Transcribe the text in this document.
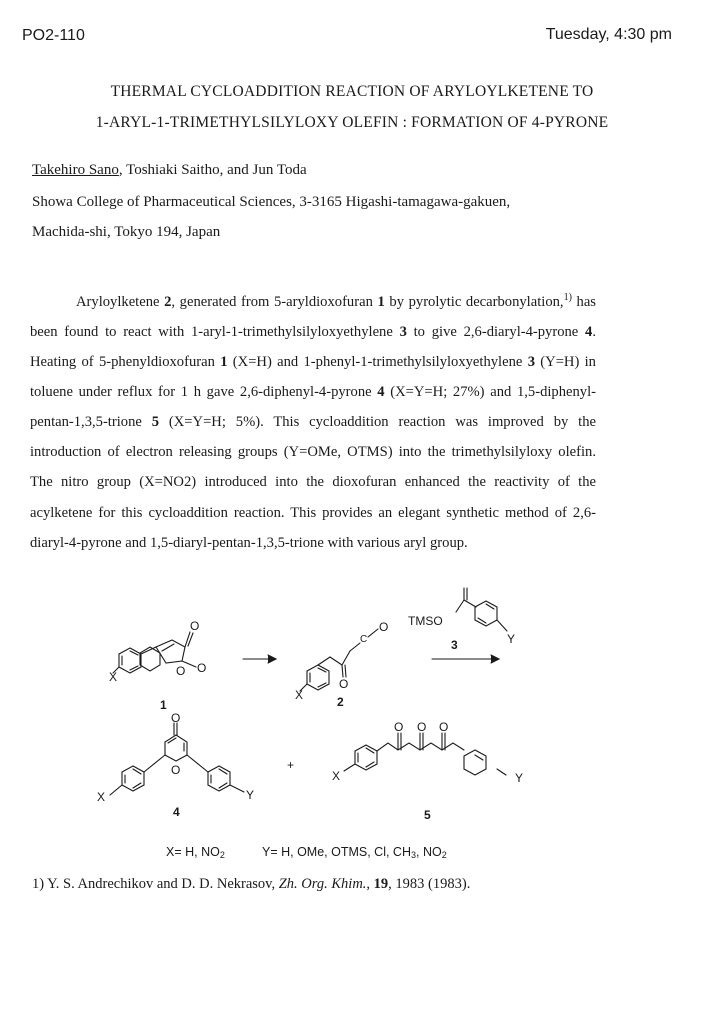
PO2-110	Tuesday, 4:30 pm
THERMAL CYCLOADDITION REACTION OF ARYLOYLKETENE TO
1-ARYL-1-TRIMETHYLSILYLOXY OLEFIN : FORMATION OF 4-PYRONE
Takehiro Sano, Toshiaki Saitho, and Jun Toda
Showa College of Pharmaceutical Sciences, 3-3165 Higashi-tamagawa-gakuen,
Machida-shi, Tokyo 194, Japan

Aryloylketene 2, generated from 5-aryldioxofuran 1 by pyrolytic decarbonylation,$^{1)}$ has been found to react with 1-aryl-1-trimethylsilyloxyethylene 3 to give 2,6-diaryl-4-pyrone 4. Heating of 5-phenyldioxofuran 1 (X=H) and 1-phenyl-1-trimethylsilyloxyethylene 3 (Y=H) in toluene under reflux for 1 h gave 2,6-diphenyl-4-pyrone 4 (X=Y=H; 27%) and 1,5-diphenyl-pentan-1,3,5-trione 5 (X=Y=H; 5%). This cycloaddition reaction was improved by the introduction of electron releasing groups (Y=OMe, OTMS) into the trimethylsilyloxy olefin. The nitro group (X=NO2) introduced into the dioxofuran enhanced the reactivity of the acylketene for this cycloaddition reaction. This provides an elegant synthetic method of 2,6-diaryl-4-pyrone and 1,5-diaryl-pentan-1,3,5-trione with various aryl group.

O
O
O
X
1
O
C
O
X	2
TMSO
Y
3
O
O
X	Y
4
+
O O O
X	Y
5
X= H, $NO_2$	Y= H, OMe, OTMS, Cl, $CH_3$, $NO_2$
1) Y. S. Andrechikov and D. D. Nekrasov, Zh. Org. Khim., 19, 1983 (1983).
